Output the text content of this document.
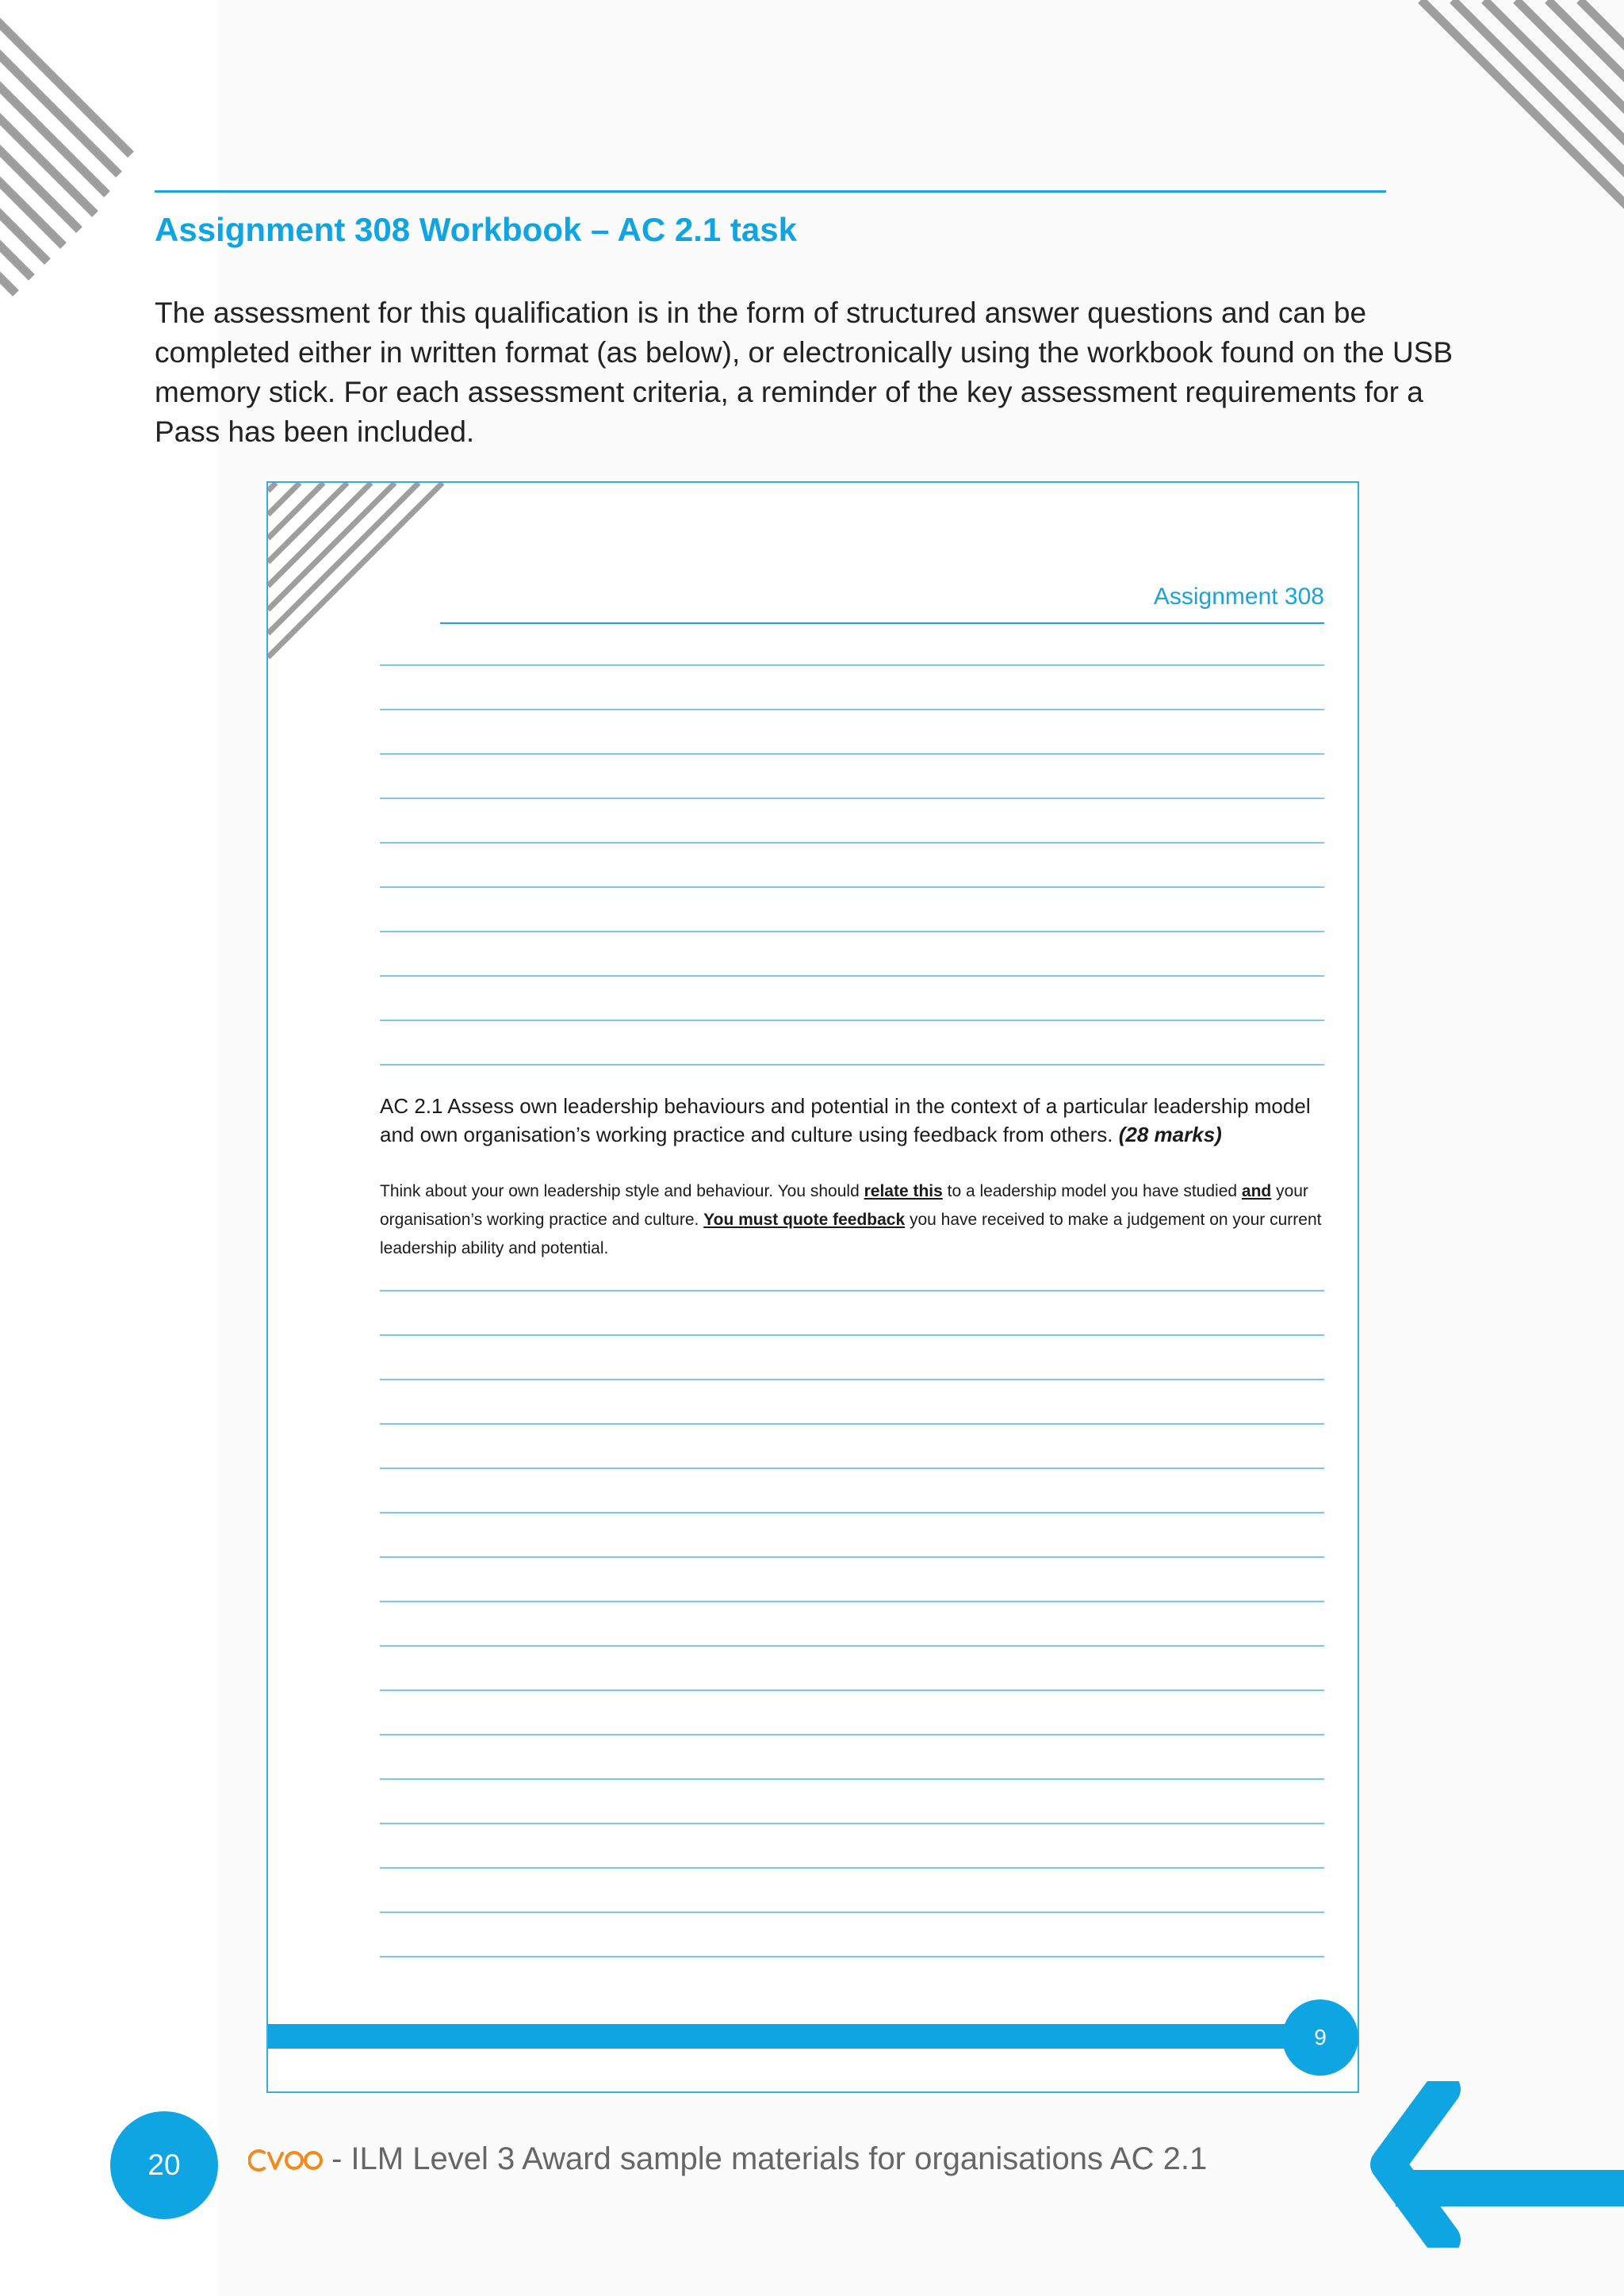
Assignment 308 Workbook – AC 2.1 task
The assessment for this qualification is in the form of structured answer questions and can be completed either in written format (as below), or electronically using the workbook found on the USB memory stick. For each assessment criteria, a reminder of the key assessment requirements for a Pass has been included.
Assignment 308
AC 2.1 Assess own leadership behaviours and potential in the context of a particular leadership model and own organisation’s working practice and culture using feedback from others. (28 marks)
Think about your own leadership style and behaviour. You should relate this to a leadership model you have studied and your organisation’s working practice and culture. You must quote feedback you have received to make a judgement on your current leadership ability and potential.
9
20	- ILM Level 3 Award sample materials for organisations AC 2.1
